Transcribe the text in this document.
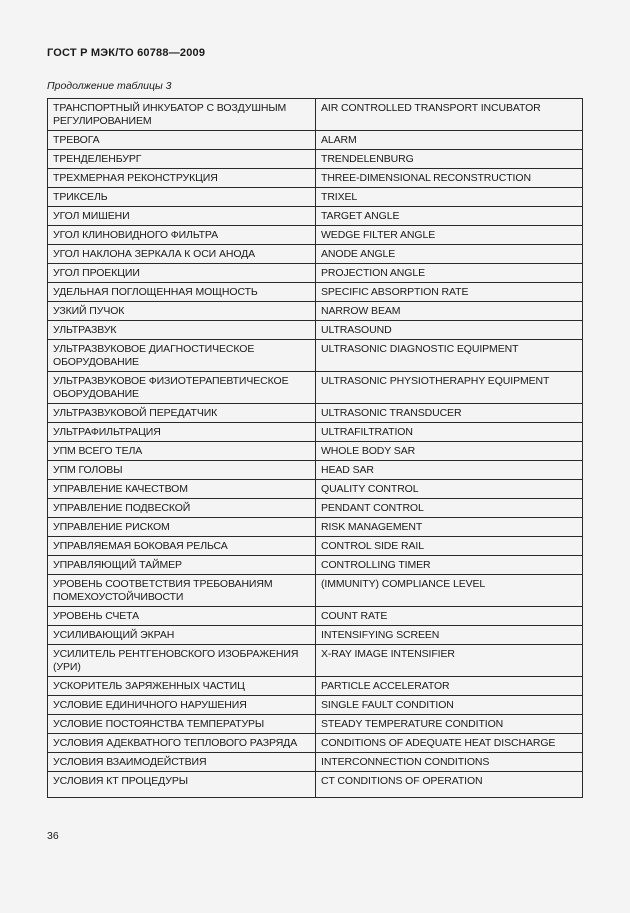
ГОСТ Р МЭК/ТО 60788—2009
Продолжение таблицы 3
ТРАНСПОРТНЫЙ ИНКУБАТОР С ВОЗДУШНЫМ РЕГУЛИРОВАНИЕМ	AIR CONTROLLED TRANSPORT INCUBATOR
ТРЕВОГА	ALARM
ТРЕНДЕЛЕНБУРГ	TRENDELENBURG
ТРЕХМЕРНАЯ РЕКОНСТРУКЦИЯ	THREE-DIMENSIONAL RECONSTRUCTION
ТРИКСЕЛЬ	TRIXEL
УГОЛ МИШЕНИ	TARGET ANGLE
УГОЛ КЛИНОВИДНОГО ФИЛЬТРА	WEDGE FILTER ANGLE
УГОЛ НАКЛОНА ЗЕРКАЛА К ОСИ АНОДА	ANODE ANGLE
УГОЛ ПРОЕКЦИИ	PROJECTION ANGLE
УДЕЛЬНАЯ ПОГЛОЩЕННАЯ МОЩНОСТЬ	SPECIFIC ABSORPTION RATE
УЗКИЙ ПУЧОК	NARROW BEAM
УЛЬТРАЗВУК	ULTRASOUND
УЛЬТРАЗВУКОВОЕ ДИАГНОСТИЧЕСКОЕ ОБОРУДОВАНИЕ	ULTRASONIC DIAGNOSTIC EQUIPMENT
УЛЬТРАЗВУКОВОЕ ФИЗИОТЕРАПЕВТИЧЕСКОЕ ОБОРУДОВАНИЕ	ULTRASONIC PHYSIOTHERAPHY EQUIPMENT
УЛЬТРАЗВУКОВОЙ ПЕРЕДАТЧИК	ULTRASONIC TRANSDUCER
УЛЬТРАФИЛЬТРАЦИЯ	ULTRAFILTRATION
УПМ ВСЕГО ТЕЛА	WHOLE BODY SAR
УПМ ГОЛОВЫ	HEAD SAR
УПРАВЛЕНИЕ КАЧЕСТВОМ	QUALITY CONTROL
УПРАВЛЕНИЕ ПОДВЕСКОЙ	PENDANT CONTROL
УПРАВЛЕНИЕ РИСКОМ	RISK MANAGEMENT
УПРАВЛЯЕМАЯ БОКОВАЯ РЕЛЬСА	CONTROL SIDE RAIL
УПРАВЛЯЮЩИЙ ТАЙМЕР	CONTROLLING TIMER
УРОВЕНЬ СООТВЕТСТВИЯ ТРЕБОВАНИЯМ ПОМЕХОУСТОЙЧИВОСТИ	(IMMUNITY) COMPLIANCE LEVEL
УРОВЕНЬ СЧЕТА	COUNT RATE
УСИЛИВАЮЩИЙ ЭКРАН	INTENSIFYING SCREEN
УСИЛИТЕЛЬ РЕНТГЕНОВСКОГО ИЗОБРАЖЕНИЯ (УРИ)	X-RAY IMAGE INTENSIFIER
УСКОРИТЕЛЬ ЗАРЯЖЕННЫХ ЧАСТИЦ	PARTICLE ACCELERATOR
УСЛОВИЕ ЕДИНИЧНОГО НАРУШЕНИЯ	SINGLE FAULT CONDITION
УСЛОВИЕ ПОСТОЯНСТВА ТЕМПЕРАТУРЫ	STEADY TEMPERATURE CONDITION
УСЛОВИЯ АДЕКВАТНОГО ТЕПЛОВОГО РАЗРЯДА	CONDITIONS OF ADEQUATE HEAT DISCHARGE
УСЛОВИЯ ВЗАИМОДЕЙСТВИЯ	INTERCONNECTION CONDITIONS
УСЛОВИЯ КТ ПРОЦЕДУРЫ	CT CONDITIONS OF OPERATION
36
